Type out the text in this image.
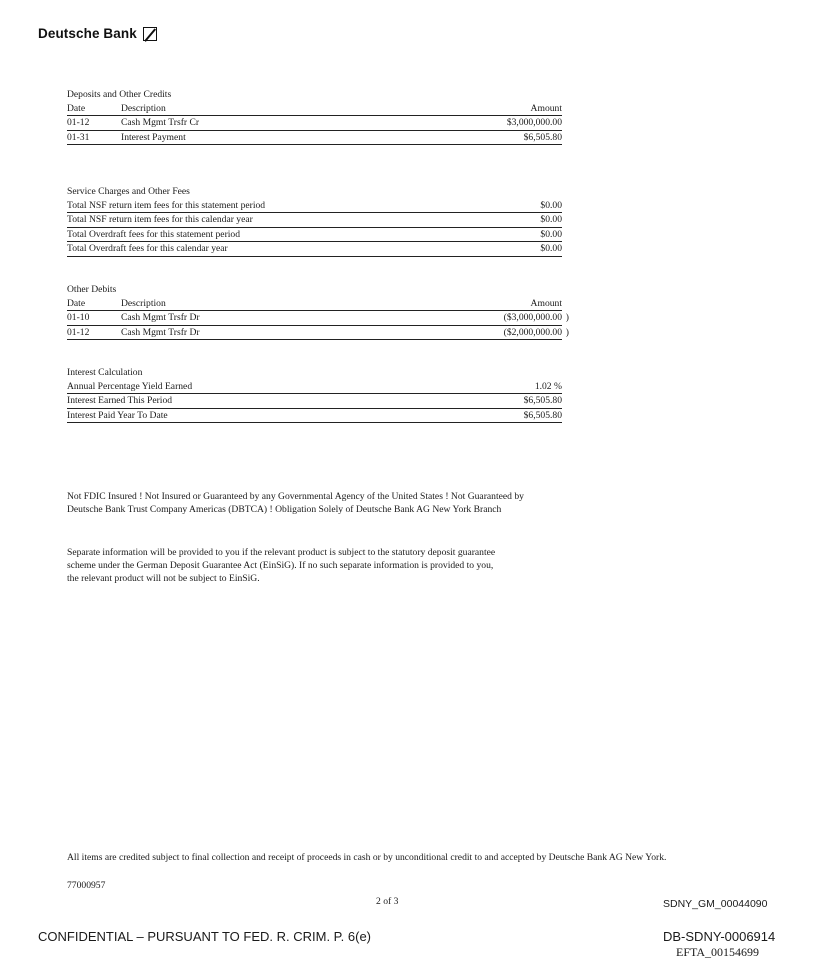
Deutsche Bank
Deposits and Other Credits
Date	Description	Amount
01-12	Cash Mgmt Trsfr Cr	$3,000,000.00
01-31	Interest Payment	$6,505.80
Service Charges and Other Fees
Total NSF return item fees for this statement period	$0.00
Total NSF return item fees for this calendar year	$0.00
Total Overdraft fees for this statement period	$0.00
Total Overdraft fees for this calendar year	$0.00
Other Debits
Date	Description	Amount
01-10	Cash Mgmt Trsfr Dr	($3,000,000.00 )
01-12	Cash Mgmt Trsfr Dr	($2,000,000.00 )
Interest Calculation
Annual Percentage Yield Earned	1.02 %
Interest Earned This Period	$6,505.80
Interest Paid Year To Date	$6,505.80
Not FDIC Insured ! Not Insured or Guaranteed by any Governmental Agency of the United States ! Not Guaranteed by Deutsche Bank Trust Company Americas (DBTCA) ! Obligation Solely of Deutsche Bank AG New York Branch
Separate information will be provided to you if the relevant product is subject to the statutory deposit guarantee scheme under the German Deposit Guarantee Act (EinSiG). If no such separate information is provided to you, the relevant product will not be subject to EinSiG.
All items are credited subject to final collection and receipt of proceeds in cash or by unconditional credit to and accepted by Deutsche Bank AG New York.
77000957
2 of 3	SDNY_GM_00044090
CONFIDENTIAL – PURSUANT TO FED. R. CRIM. P. 6(e)	DB-SDNY-0006914
EFTA_00154699
